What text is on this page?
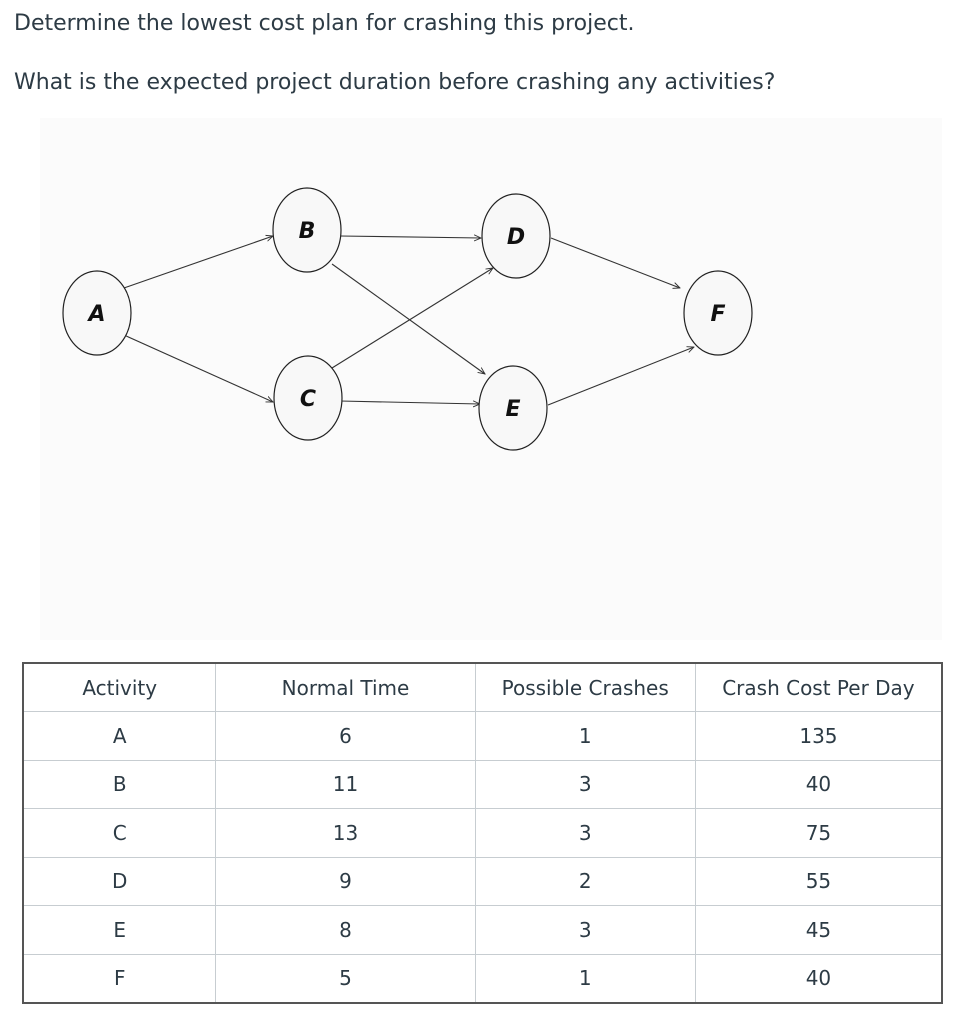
Determine the lowest cost plan for crashing this project.
What is the expected project duration before crashing any activities?
A
B
C
D
E
F
Activity	Normal Time	Possible Crashes	Crash Cost Per Day
A	6	1	135
B	11	3	40
C	13	3	75
D	9	2	55
E	8	3	45
F	5	1	40
